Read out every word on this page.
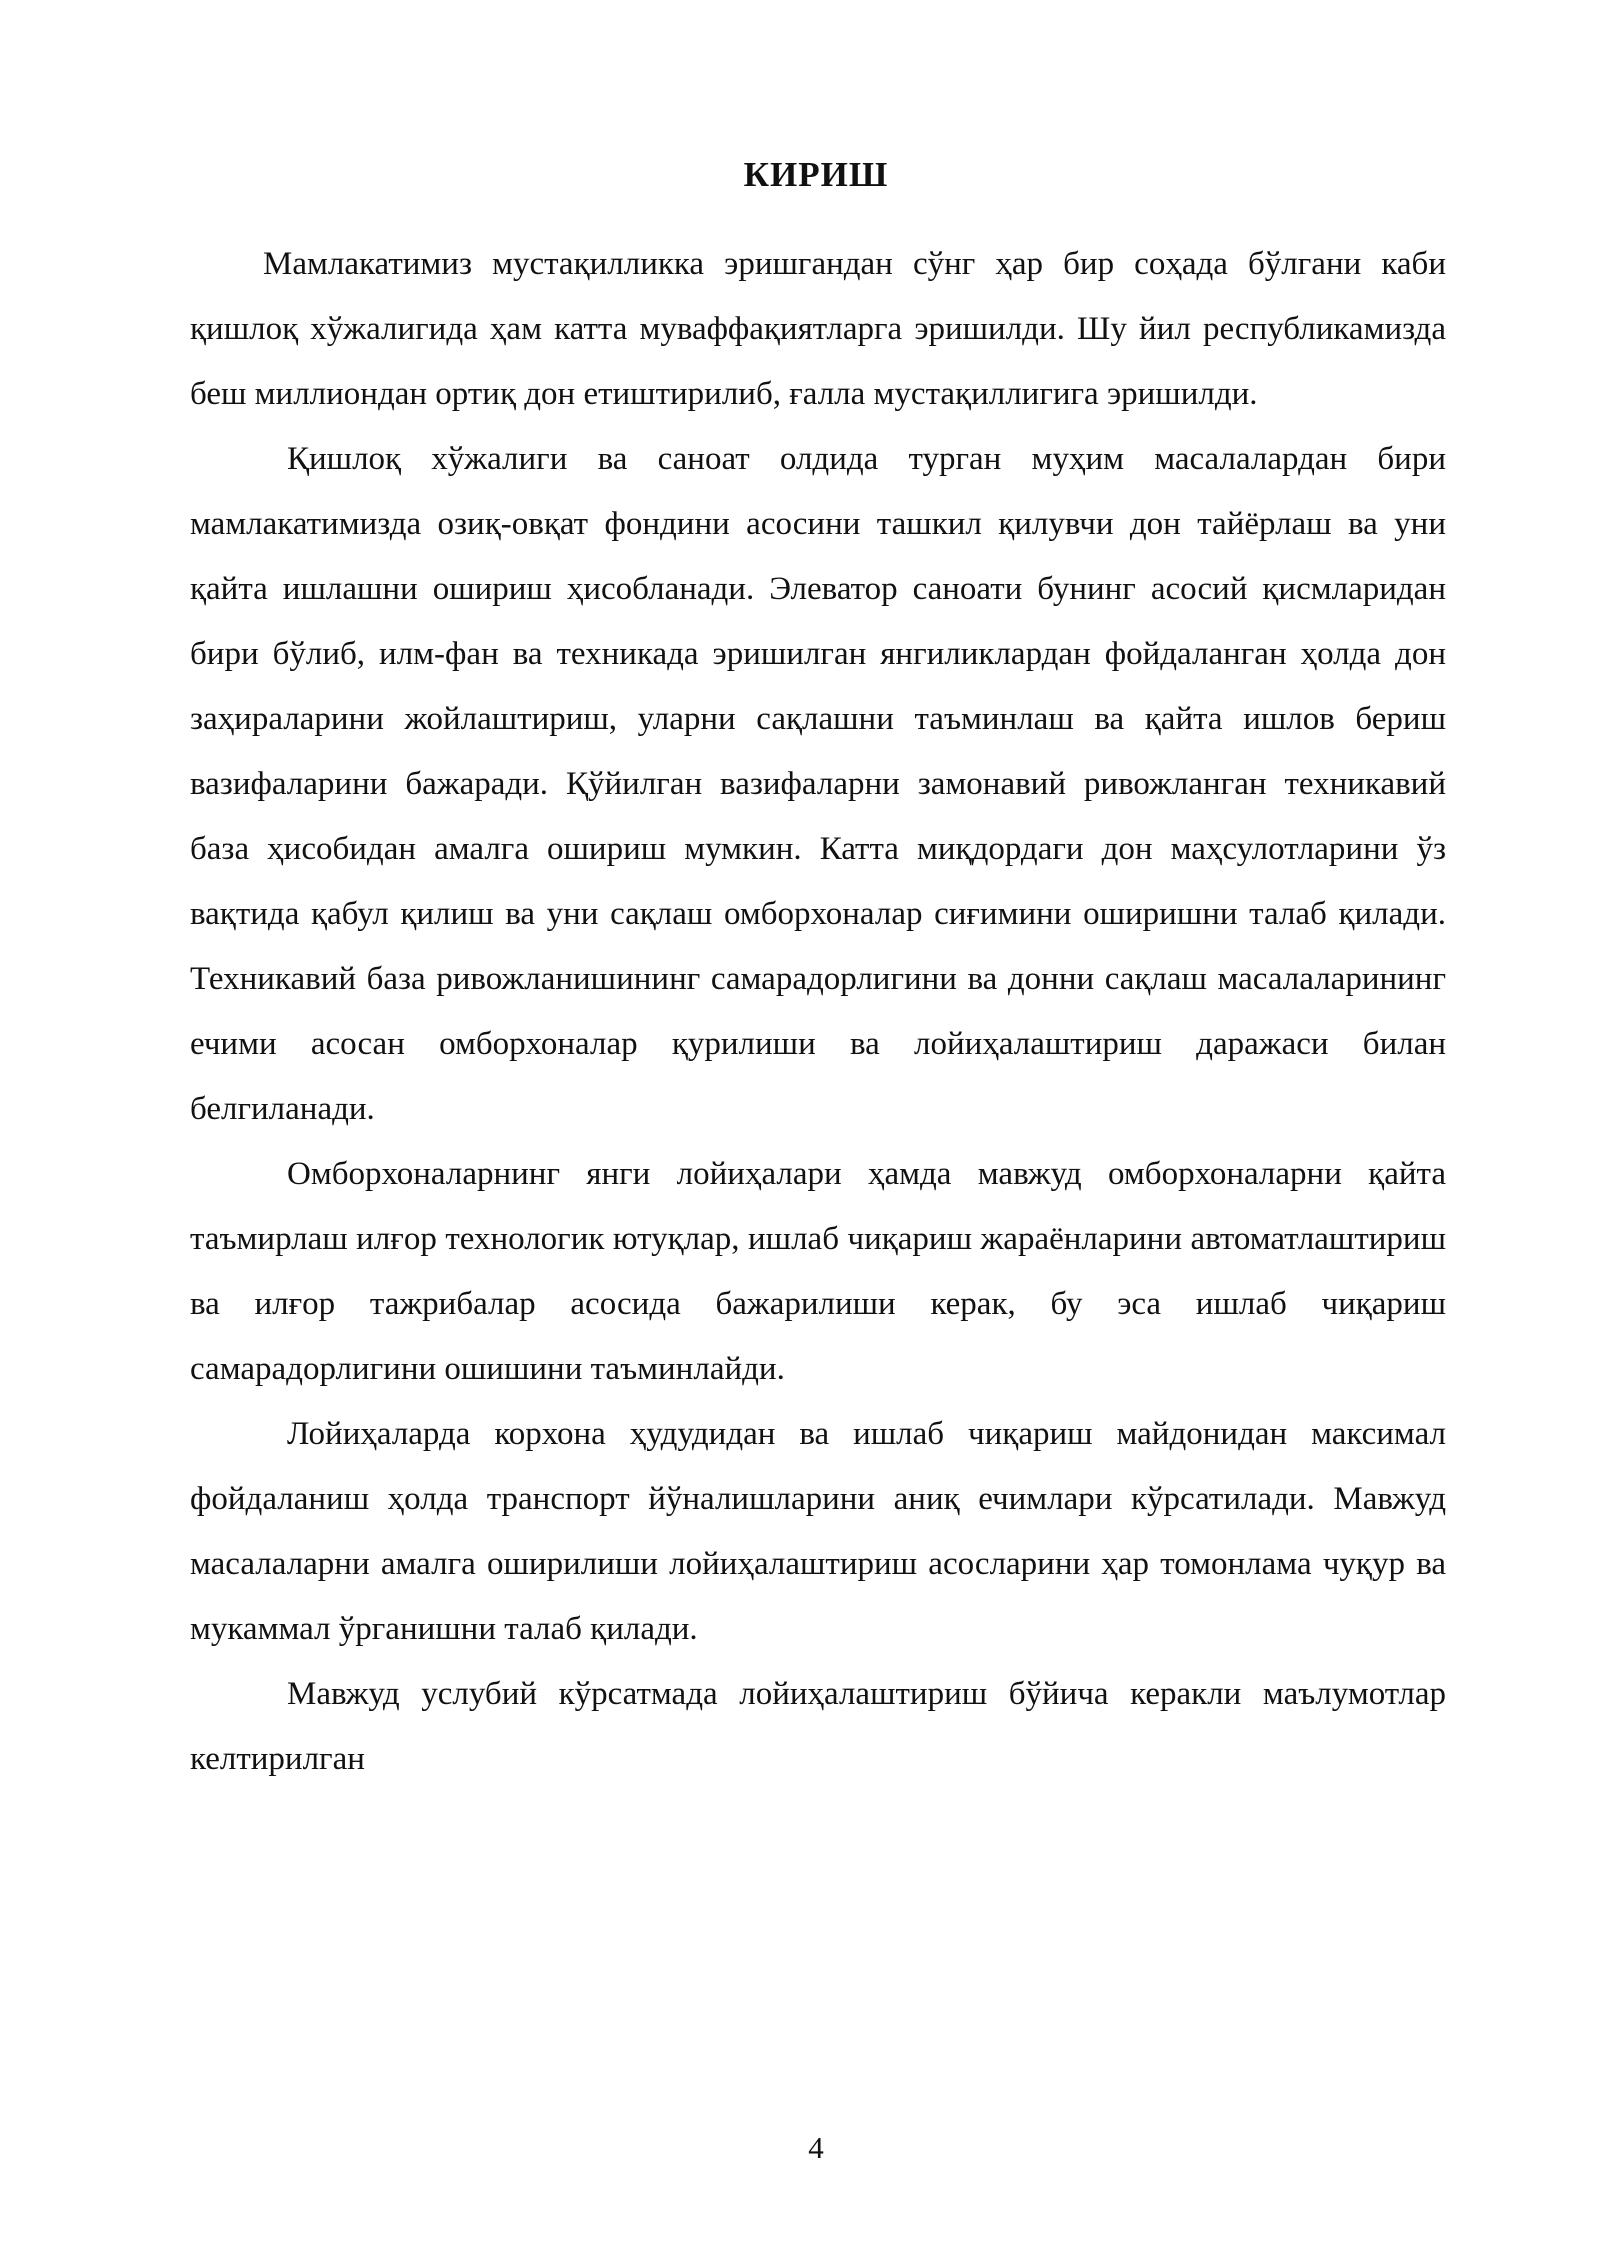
КИРИШ

Мамлакатимиз мустақилликка эришгандан сўнг ҳар бир соҳада бўлгани каби қишлоқ хўжалигида ҳам катта муваффақиятларга эришилди. Шу йил республикамизда беш миллиондан ортиқ дон етиштирилиб, ғалла мустақиллигига эришилди.

Қишлоқ хўжалиги ва саноат олдида турган муҳим масалалардан бири мамлакатимизда озиқ-овқат фондини асосини ташкил қилувчи дон тайёрлаш ва уни қайта ишлашни ошириш ҳисобланади. Элеватор саноати бунинг асосий қисмларидан бири бўлиб, илм-фан ва техникада эришилган янгиликлардан фойдаланган ҳолда дон заҳираларини жойлаштириш, уларни сақлашни таъминлаш ва қайта ишлов бериш вазифаларини бажаради. Қўйилган вазифаларни замонавий ривожланган техникавий база ҳисобидан амалга ошириш мумкин. Катта миқдордаги дон маҳсулотларини ўз вақтида қабул қилиш ва уни сақлаш омборхоналар сиғимини оширишни талаб қилади. Техникавий база ривожланишининг самарадорлигини ва донни сақлаш масалаларининг ечими асосан омборхоналар қурилиши ва лойиҳалаштириш даражаси билан белгиланади.

Омборхоналарнинг янги лойиҳалари ҳамда мавжуд омборхоналарни қайта таъмирлаш илғор технологик ютуқлар, ишлаб чиқариш жараёнларини автоматлаштириш ва илғор тажрибалар асосида бажарилиши керак, бу эса ишлаб чиқариш самарадорлигини ошишини таъминлайди.

Лойиҳаларда корхона ҳудудидан ва ишлаб чиқариш майдонидан максимал фойдаланиш ҳолда транспорт йўналишларини аниқ ечимлари кўрсатилади. Мавжуд масалаларни амалга оширилиши лойиҳалаштириш асосларини ҳар томонлама чуқур ва мукаммал ўрганишни талаб қилади.

Мавжуд услубий кўрсатмада лойиҳалаштириш бўйича керакли маълумотлар келтирилган

4
